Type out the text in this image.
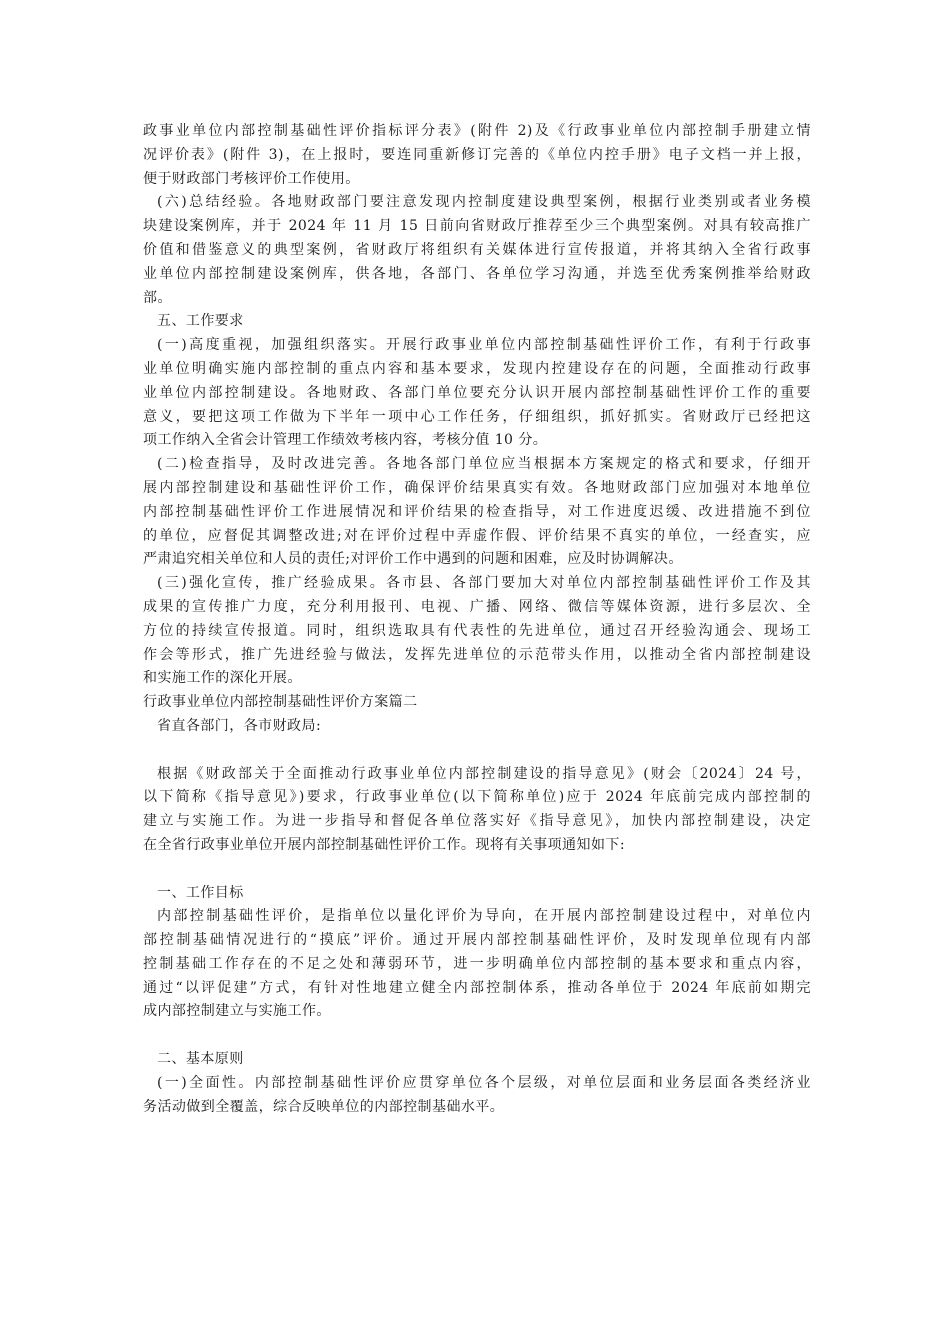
政事业单位内部控制基础性评价指标评分表》(附件 2)及《行政事业单位内部控制手册建立情
况评价表》(附件 3)，在上报时，要连同重新修订完善的《单位内控手册》电子文档一并上报，
便于财政部门考核评价工作使用。
(六)总结经验。各地财政部门要注意发现内控制度建设典型案例，根据行业类别或者业务模
块建设案例库，并于 2024 年 11 月 15 日前向省财政厅推荐至少三个典型案例。对具有较高推广
价值和借鉴意义的典型案例，省财政厅将组织有关媒体进行宣传报道，并将其纳入全省行政事
业单位内部控制建设案例库，供各地，各部门、各单位学习沟通，并选至优秀案例推举给财政
部。
五、工作要求
(一)高度重视，加强组织落实。开展行政事业单位内部控制基础性评价工作，有利于行政事
业单位明确实施内部控制的重点内容和基本要求，发现内控建设存在的问题，全面推动行政事
业单位内部控制建设。各地财政、各部门单位要充分认识开展内部控制基础性评价工作的重要
意义，要把这项工作做为下半年一项中心工作任务，仔细组织，抓好抓实。省财政厅已经把这
项工作纳入全省会计管理工作绩效考核内容，考核分值 10 分。
(二)检查指导，及时改进完善。各地各部门单位应当根据本方案规定的格式和要求，仔细开
展内部控制建设和基础性评价工作，确保评价结果真实有效。各地财政部门应加强对本地单位
内部控制基础性评价工作进展情况和评价结果的检查指导，对工作进度迟缓、改进措施不到位
的单位，应督促其调整改进;对在评价过程中弄虚作假、评价结果不真实的单位，一经查实，应
严肃追究相关单位和人员的责任;对评价工作中遇到的问题和困难，应及时协调解决。
(三)强化宣传，推广经验成果。各市县、各部门要加大对单位内部控制基础性评价工作及其
成果的宣传推广力度，充分利用报刊、电视、广播、网络、微信等媒体资源，进行多层次、全
方位的持续宣传报道。同时，组织选取具有代表性的先进单位，通过召开经验沟通会、现场工
作会等形式，推广先进经验与做法，发挥先进单位的示范带头作用，以推动全省内部控制建设
和实施工作的深化开展。
行政事业单位内部控制基础性评价方案篇二
省直各部门，各市财政局:
根据《财政部关于全面推动行政事业单位内部控制建设的指导意见》(财会〔2024〕24 号，
以下简称《指导意见》)要求，行政事业单位(以下简称单位)应于 2024 年底前完成内部控制的
建立与实施工作。为进一步指导和督促各单位落实好《指导意见》，加快内部控制建设，决定
在全省行政事业单位开展内部控制基础性评价工作。现将有关事项通知如下:
一、工作目标
内部控制基础性评价，是指单位以量化评价为导向，在开展内部控制建设过程中，对单位内
部控制基础情况进行的“摸底”评价。通过开展内部控制基础性评价，及时发现单位现有内部
控制基础工作存在的不足之处和薄弱环节，进一步明确单位内部控制的基本要求和重点内容，
通过“以评促建”方式，有针对性地建立健全内部控制体系，推动各单位于 2024 年底前如期完
成内部控制建立与实施工作。
二、基本原则
(一)全面性。内部控制基础性评价应贯穿单位各个层级，对单位层面和业务层面各类经济业
务活动做到全覆盖，综合反映单位的内部控制基础水平。
